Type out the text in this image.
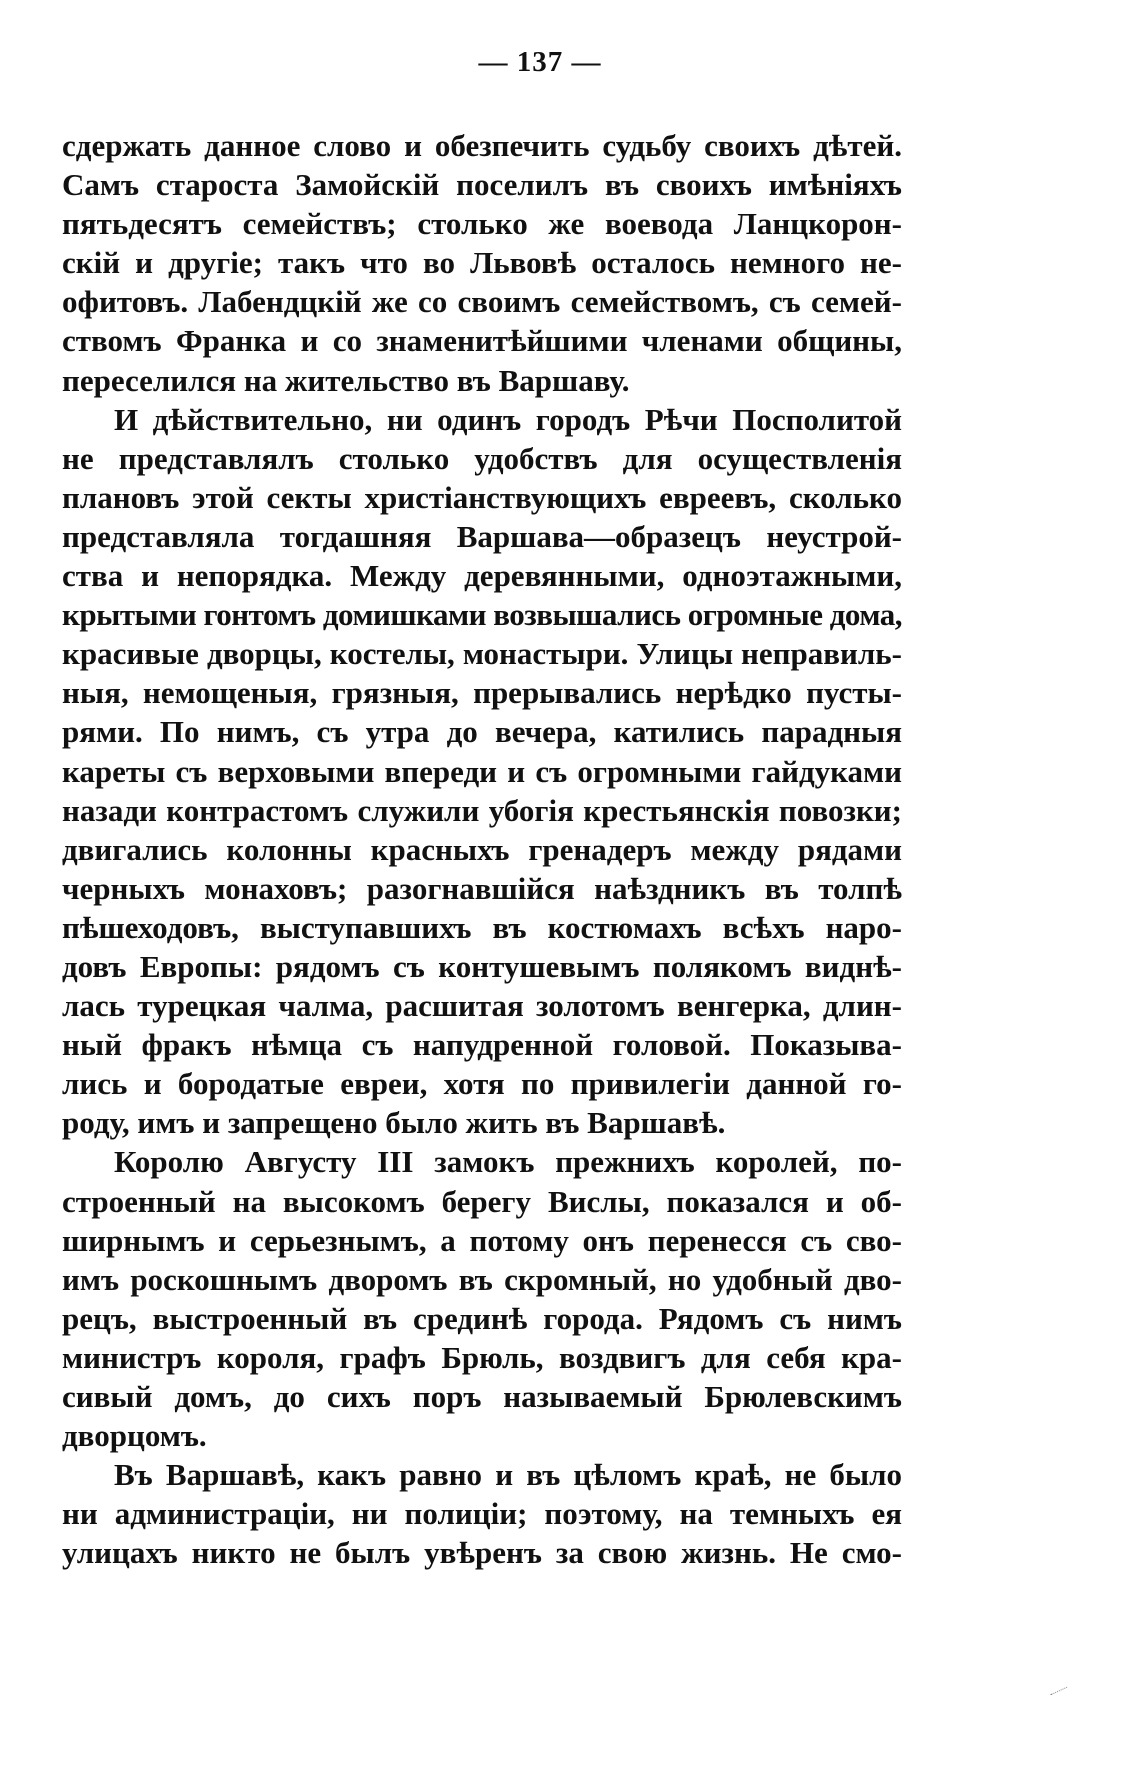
— 137 —
сдержать данное слово и обезпечить судьбу своихъ дѣтей.
Самъ староста Замойскій поселилъ въ своихъ имѣніяхъ
пятьдесятъ семействъ; столько же воевода Ланцкорон-
скій и другіе; такъ что во Львовѣ осталось немного не-
офитовъ. Лабендцкій же со своимъ семействомъ, съ семей-
ствомъ Франка и со знаменитѣйшими членами общины,
переселился на жительство въ Варшаву.
И дѣйствительно, ни одинъ городъ Рѣчи Посполитой
не представлялъ столько удобствъ для осуществленія
плановъ этой секты христіанствующихъ евреевъ, сколько
представляла тогдашняя Варшава—образецъ неустрой-
ства и непорядка. Между деревянными, одноэтажными,
крытыми гонтомъ домишками возвышались огромные дома,
красивые дворцы, костелы, монастыри. Улицы неправиль-
ныя, немощеныя, грязныя, прерывались нерѣдко пусты-
рями. По нимъ, съ утра до вечера, катились парадныя
кареты съ верховыми впереди и съ огромными гайдуками
назади контрастомъ служили убогія крестьянскія повозки;
двигались колонны красныхъ гренадеръ между рядами
черныхъ монаховъ; разогнавшійся наѣздникъ въ толпѣ
пѣшеходовъ, выступавшихъ въ костюмахъ всѣхъ наро-
довъ Европы: рядомъ съ контушевымъ полякомъ виднѣ-
лась турецкая чалма, расшитая золотомъ венгерка, длин-
ный фракъ нѣмца съ напудренной головой. Показыва-
лись и бородатые евреи, хотя по привилегіи данной го-
роду, имъ и запрещено было жить въ Варшавѣ.
Королю Августу III замокъ прежнихъ королей, по-
строенный на высокомъ берегу Вислы, показался и об-
ширнымъ и серьезнымъ, а потому онъ перенесся съ сво-
имъ роскошнымъ дворомъ въ скромный, но удобный дво-
рецъ, выстроенный въ срединѣ города. Рядомъ съ нимъ
министръ короля, графъ Брюль, воздвигъ для себя кра-
сивый домъ, до сихъ поръ называемый Брюлевскимъ
дворцомъ.
Въ Варшавѣ, какъ равно и въ цѣломъ краѣ, не было
ни администраціи, ни полиціи; поэтому, на темныхъ ея
улицахъ никто не былъ увѣренъ за свою жизнь. Не смо-
